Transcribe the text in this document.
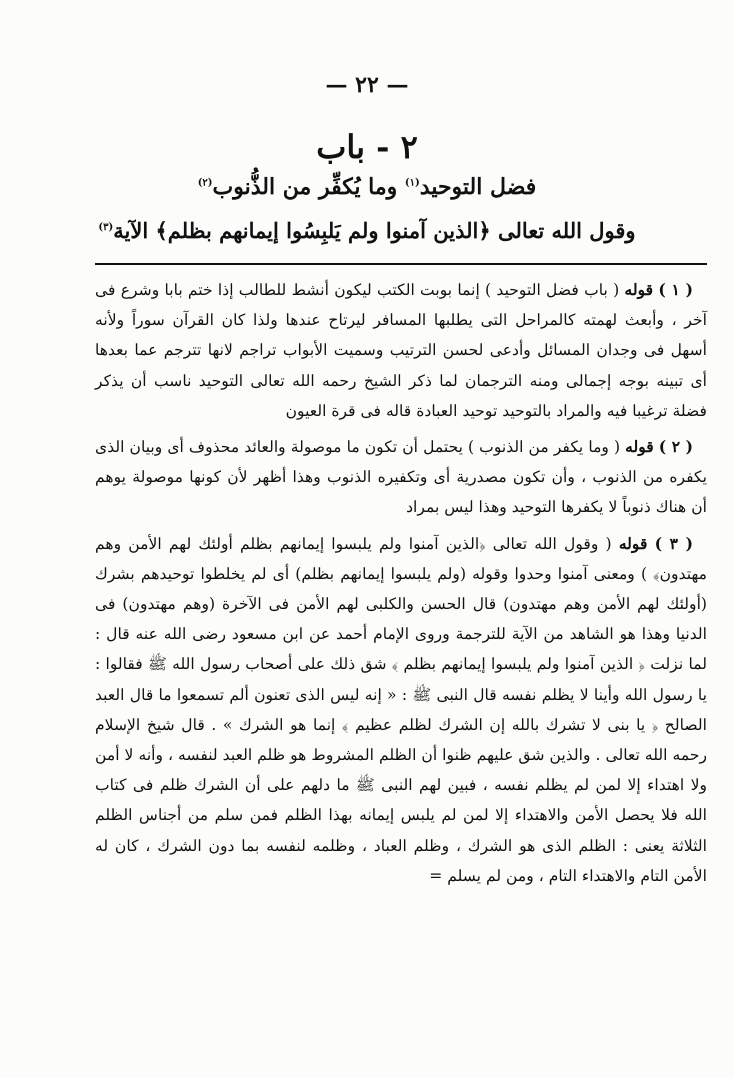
— ٢٢ —
٢ - باب
فضل التوحيد$^{(١)}$ وما يُكفِّر من الذُّنوب$^{(٢)}$
وقول الله تعالى ﴿الذين آمنوا ولم يَلبِسُوا إيمانهم بظلم﴾ الآية$^{(٣)}$

( ١ ) قوله ( باب فضل التوحيد ) إنما بوبت الكتب ليكون أنشط للطالب إذا ختم بابا وشرع فى آخر ، وأبعث لهمته كالمراحل التى يطلبها المسافر ليرتاح عندها ولذا كان القرآن سوراً ولأنه أسهل فى وجدان المسائل وأدعى لحسن الترتيب وسميت الأبواب تراجم لانها تترجم عما بعدها أى تبينه بوجه إجمالى ومنه الترجمان لما ذكر الشيخ رحمه الله تعالى التوحيد ناسب أن يذكر فضلة ترغيبا فيه والمراد بالتوحيد توحيد العبادة قاله فى قرة العيون

( ٢ ) قوله ( وما يكفر من الذنوب ) يحتمل أن تكون ما موصولة والعائد محذوف أى وبيان الذى يكفره من الذنوب ، وأن تكون مصدرية أى وتكفيره الذنوب وهذا أظهر لأن كونها موصولة يوهم أن هناك ذنوباً لا يكفرها التوحيد وهذا ليس بمراد

( ٣ ) قوله ( وقول الله تعالى ﴿الذين آمنوا ولم يلبسوا إيمانهم بظلم أولئك لهم الأمن وهم مهتدون﴾ ) ومعنى آمنوا وحدوا وقوله (ولم يلبسوا إيمانهم بظلم) أى لم يخلطوا توحيدهم بشرك (أولئك لهم الأمن وهم مهتدون) قال الحسن والكلبى لهم الأمن فى الآخرة (وهم مهتدون) فى الدنيا وهذا هو الشاهد من الآية للترجمة وروى الإمام أحمد عن ابن مسعود رضى الله عنه قال : لما نزلت ﴿ الذين آمنوا ولم يلبسوا إيمانهم بظلم ﴾ شق ذلك على أصحاب رسول الله ﷺ فقالوا : يا رسول الله وأينا لا يظلم نفسه قال النبى ﷺ : « إنه ليس الذى تعنون ألم تسمعوا ما قال العبد الصالح ﴿ يا بنى لا تشرك بالله إن الشرك لظلم عظيم ﴾ إنما هو الشرك » . قال شيخ الإسلام رحمه الله تعالى . والذين شق عليهم ظنوا أن الظلم المشروط هو ظلم العبد لنفسه ، وأنه لا أمن ولا اهتداء إلا لمن لم يظلم نفسه ، فبين لهم النبى ﷺ ما دلهم على أن الشرك ظلم فى كتاب الله فلا يحصل الأمن والاهتداء إلا لمن لم يلبس إيمانه بهذا الظلم فمن سلم من أجناس الظلم الثلاثة يعنى : الظلم الذى هو الشرك ، وظلم العباد ، وظلمه لنفسه بما دون الشرك ، كان له الأمن التام والاهتداء التام ، ومن لم يسلم =
